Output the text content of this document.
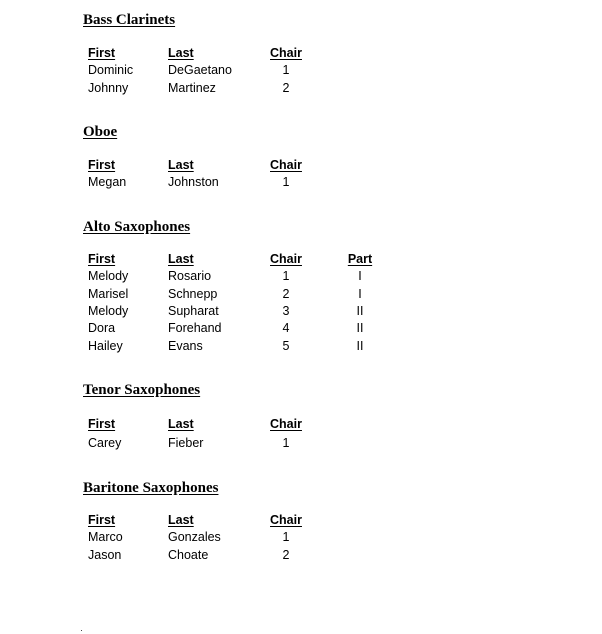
Bass Clarinets
First	Last	Chair
Dominic	DeGaetano	1
Johnny	Martinez	2
Oboe
First	Last	Chair
Megan	Johnston	1
Alto Saxophones
First	Last	Chair		Part
Melody	Rosario	1		I
Marisel	Schnepp	2		I
Melody	Supharat	3		II
Dora	Forehand	4		II
Hailey	Evans	5		II
Tenor Saxophones
First	Last	Chair
Carey	Fieber	1
Baritone Saxophones
First	Last	Chair
Marco	Gonzales	1
Jason	Choate	2
